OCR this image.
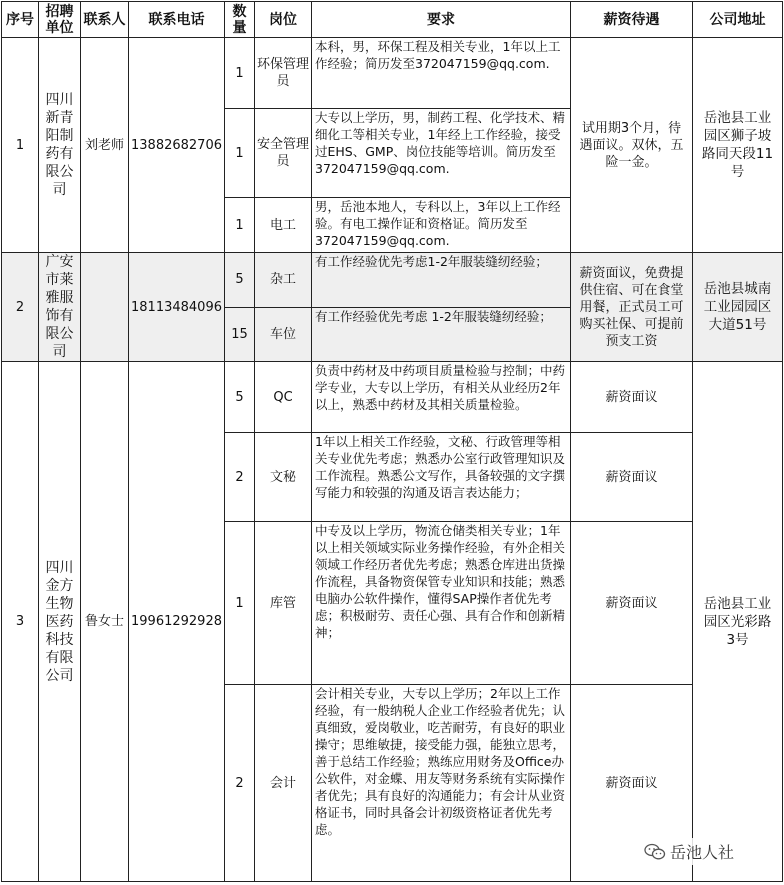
序号	招聘单位	联系人	联系电话	数量	岗位	要求	薪资待遇	公司地址
1	四川新青阳制药有限公司	刘老师	13882682706	1	环保管理员	本科，男，环保工程及相关专业，1年以上工作经验；简历发至372047159@qq.com.	试用期3个月，待遇面议。双休，五险一金。	岳池县工业园区狮子坡路同天段11号
				1	安全管理员	大专以上学历，男，制药工程、化学技术、精细化工等相关专业，1年经上工作经验，接受过EHS、GMP、岗位技能等培训。简历发至372047159@qq.com.		
				1	电工	男，岳池本地人，专科以上，3年以上工作经验。有电工操作证和资格证。简历发至372047159@qq.com.		
2	广安市莱雅服饰有限公司		18113484096	5	杂工	有工作经验优先考虑1-2年服装缝纫经验；	薪资面议，免费提供住宿、可在食堂用餐，正式员工可购买社保、可提前预支工资	岳池县城南工业园园区大道51号
				15	车位	有工作经验优先考虑 1-2年服装缝纫经验；		
3	四川金方生物医药科技有限公司	鲁女士	19961292928	5	QC	负责中药材及中药项目质量检验与控制；中药学专业，大专以上学历，有相关从业经历2年以上，熟悉中药材及其相关质量检验。	薪资面议	岳池县工业园区光彩路3号
				2	文秘	1年以上相关工作经验，文秘、行政管理等相关专业优先考虑；熟悉办公室行政管理知识及工作流程。熟悉公文写作，具备较强的文字撰写能力和较强的沟通及语言表达能力；	薪资面议	
				1	库管	中专及以上学历，物流仓储类相关专业；1年以上相关领域实际业务操作经验，有外企相关领域工作经历者优先考虑；熟悉仓库进出货操作流程，具备物资保管专业知识和技能；熟悉电脑办公软件操作，懂得SAP操作者优先考虑；积极耐劳、责任心强、具有合作和创新精神；	薪资面议	
				2	会计	会计相关专业，大专以上学历；2年以上工作经验，有一般纳税人企业工作经验者优先；认真细致，爱岗敬业，吃苦耐劳，有良好的职业操守；思维敏捷，接受能力强，能独立思考，善于总结工作经验；熟练应用财务及Office办公软件，对金蝶、用友等财务系统有实际操作者优先；具有良好的沟通能力；有会计从业资格证书，同时具备会计初级资格证者优先考虑。	薪资面议	
岳池人社
